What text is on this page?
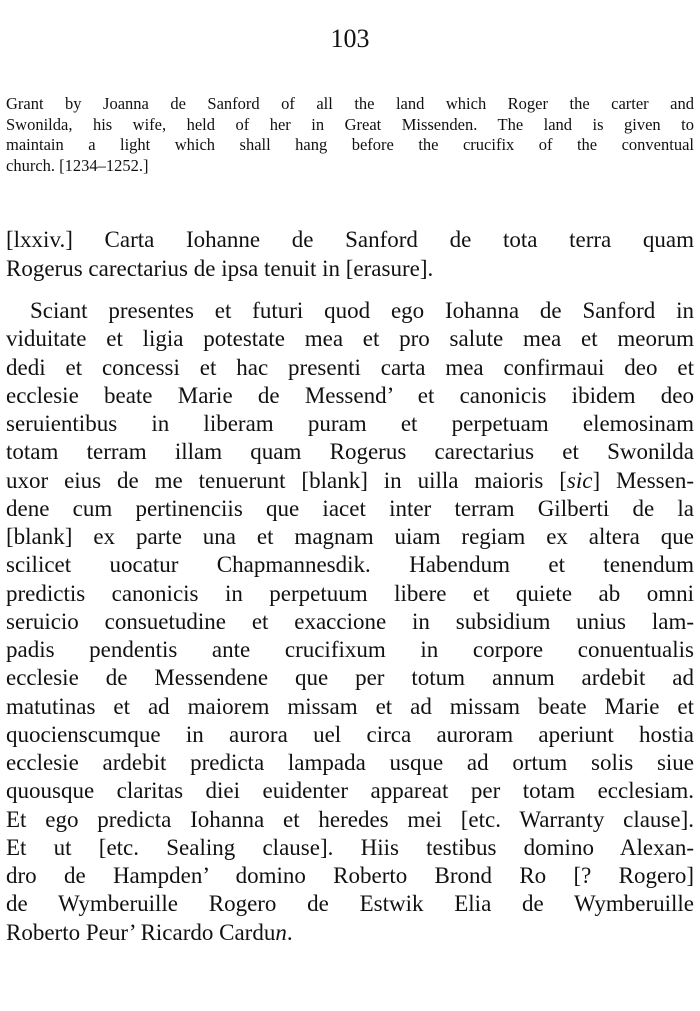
103
Grant by Joanna de Sanford of all the land which Roger the carter and
Swonilda, his wife, held of her in Great Missenden. The land is given to
maintain a light which shall hang before the crucifix of the conventual
church. [1234–1252.]
[lxxiv.] Carta Iohanne de Sanford de tota terra quam
Rogerus carectarius de ipsa tenuit in [erasure].
Sciant presentes et futuri quod ego Iohanna de Sanford in
viduitate et ligia potestate mea et pro salute mea et meorum
dedi et concessi et hac presenti carta mea confirmaui deo et
ecclesie beate Marie de Messend’ et canonicis ibidem deo
seruientibus in liberam puram et perpetuam elemosinam
totam terram illam quam Rogerus carectarius et Swonilda
uxor eius de me tenuerunt [blank] in uilla maioris [sic] Messen-
dene cum pertinenciis que iacet inter terram Gilberti de la
[blank] ex parte una et magnam uiam regiam ex altera que
scilicet uocatur Chapmannesdik. Habendum et tenendum
predictis canonicis in perpetuum libere et quiete ab omni
seruicio consuetudine et exaccione in subsidium unius lam-
padis pendentis ante crucifixum in corpore conuentualis
ecclesie de Messendene que per totum annum ardebit ad
matutinas et ad maiorem missam et ad missam beate Marie et
quocienscumque in aurora uel circa auroram aperiunt hostia
ecclesie ardebit predicta lampada usque ad ortum solis siue
quousque claritas diei euidenter appareat per totam ecclesiam.
Et ego predicta Iohanna et heredes mei [etc. Warranty clause].
Et ut [etc. Sealing clause]. Hiis testibus domino Alexan-
dro de Hampden’ domino Roberto Brond Ro [? Rogero]
de Wymberuille Rogero de Estwik Elia de Wymberuille
Roberto Peur’ Ricardo Cardun.
